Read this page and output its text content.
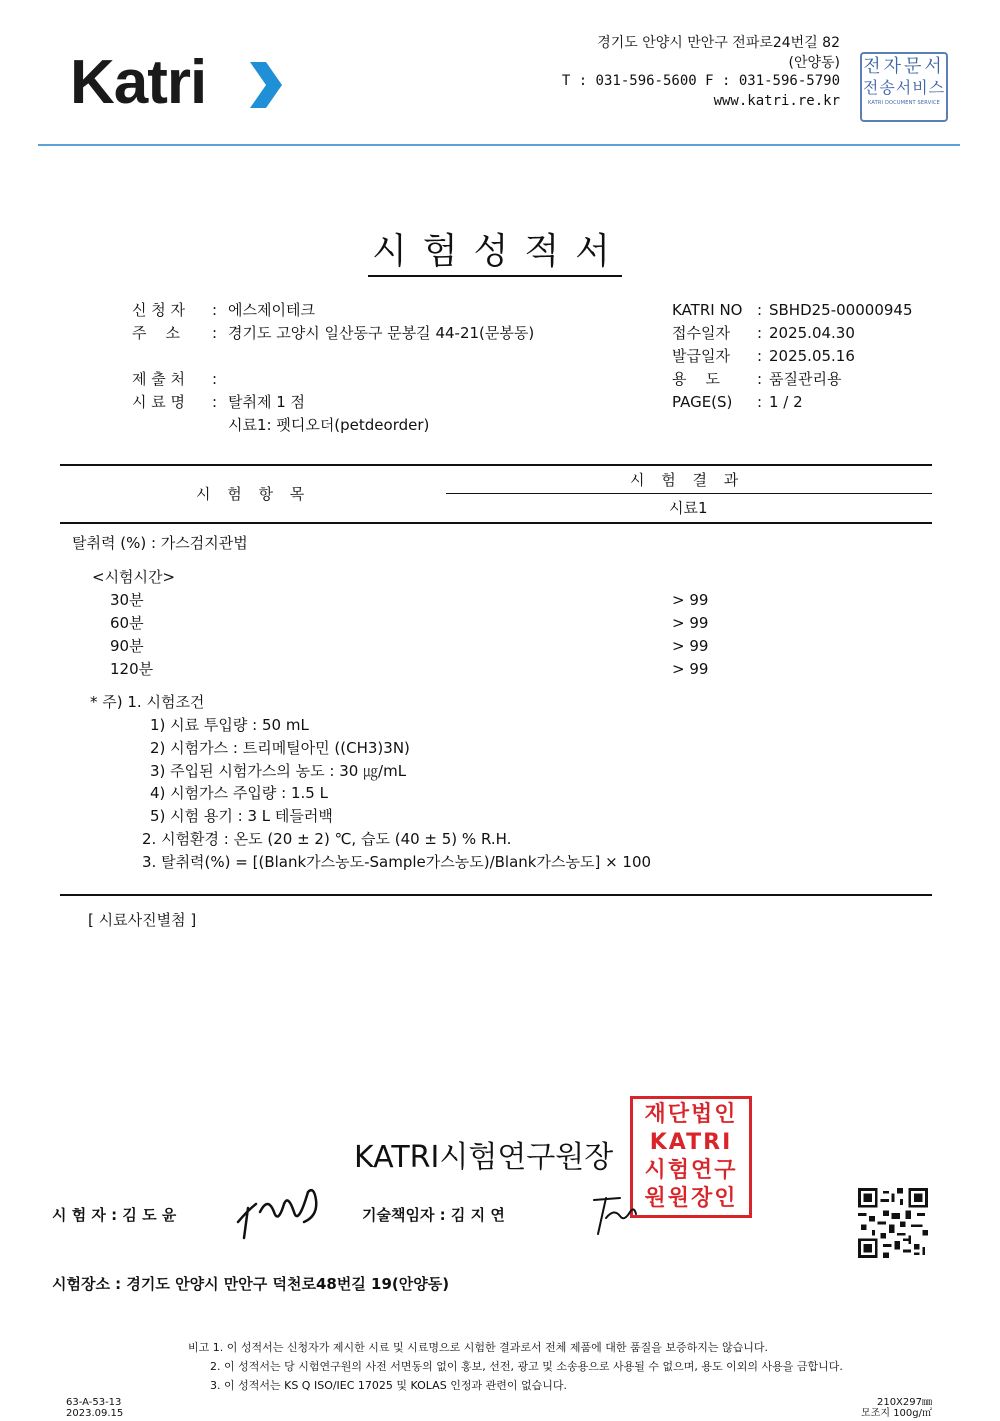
Katri
경기도 안양시 만안구 전파로24번길 82
(안양동)
T : 031-596-5600 F : 031-596-5790
www.katri.re.kr
전자문서
전송서비스
KATRI DOCUMENT SERVICE
시험성적서
신 청 자 : 에스제이테크
주    소 : 경기도 고양시 일산동구 문봉길 44-21(문봉동)
제 출 처 :
시 료 명 : 탈취제 1 점
시료1: 펫디오더(petdeorder)
KATRI NO : SBHD25-00000945
접수일자 : 2025.04.30
발급일자 : 2025.05.16
용    도 : 품질관리용
PAGE(S) : 1 / 2
시 험 항 목
시 험 결 과
시료1
탈취력 (%) : 가스검지관법
<시험시간>
30분	> 99
60분	> 99
90분	> 99
120분	> 99
* 주) 1. 시험조건
1) 시료 투입량 : 50 mL
2) 시험가스 : 트리메틸아민 ((CH3)3N)
3) 주입된 시험가스의 농도 : 30 ㎍/mL
4) 시험가스 주입량 : 1.5 L
5) 시험 용기 : 3 L 테들러백
2. 시험환경 : 온도 (20 ± 2) ℃, 습도 (40 ± 5) % R.H.
3. 탈취력(%) = [(Blank가스농도-Sample가스농도)/Blank가스농도] × 100
[ 시료사진별첨 ]
KATRI시험연구원장
재단법인
KATRI
시험연구
원원장인
시 험 자 : 김 도 윤	기술책임자 : 김 지 연
시험장소 : 경기도 안양시 만안구 덕천로48번길 19(안양동)
비고 1. 이 성적서는 신청자가 제시한 시료 및 시료명으로 시험한 결과로서 전체 제품에 대한 품질을 보증하지는 않습니다.
2. 이 성적서는 당 시험연구원의 사전 서면동의 없이 홍보, 선전, 광고 및 소송용으로 사용될 수 없으며, 용도 이외의 사용을 금합니다.
3. 이 성적서는 KS Q ISO/IEC 17025 및 KOLAS 인정과 관련이 없습니다.
63-A-53-13
2023.09.15
210X297㎜
모조지 100g/㎡
